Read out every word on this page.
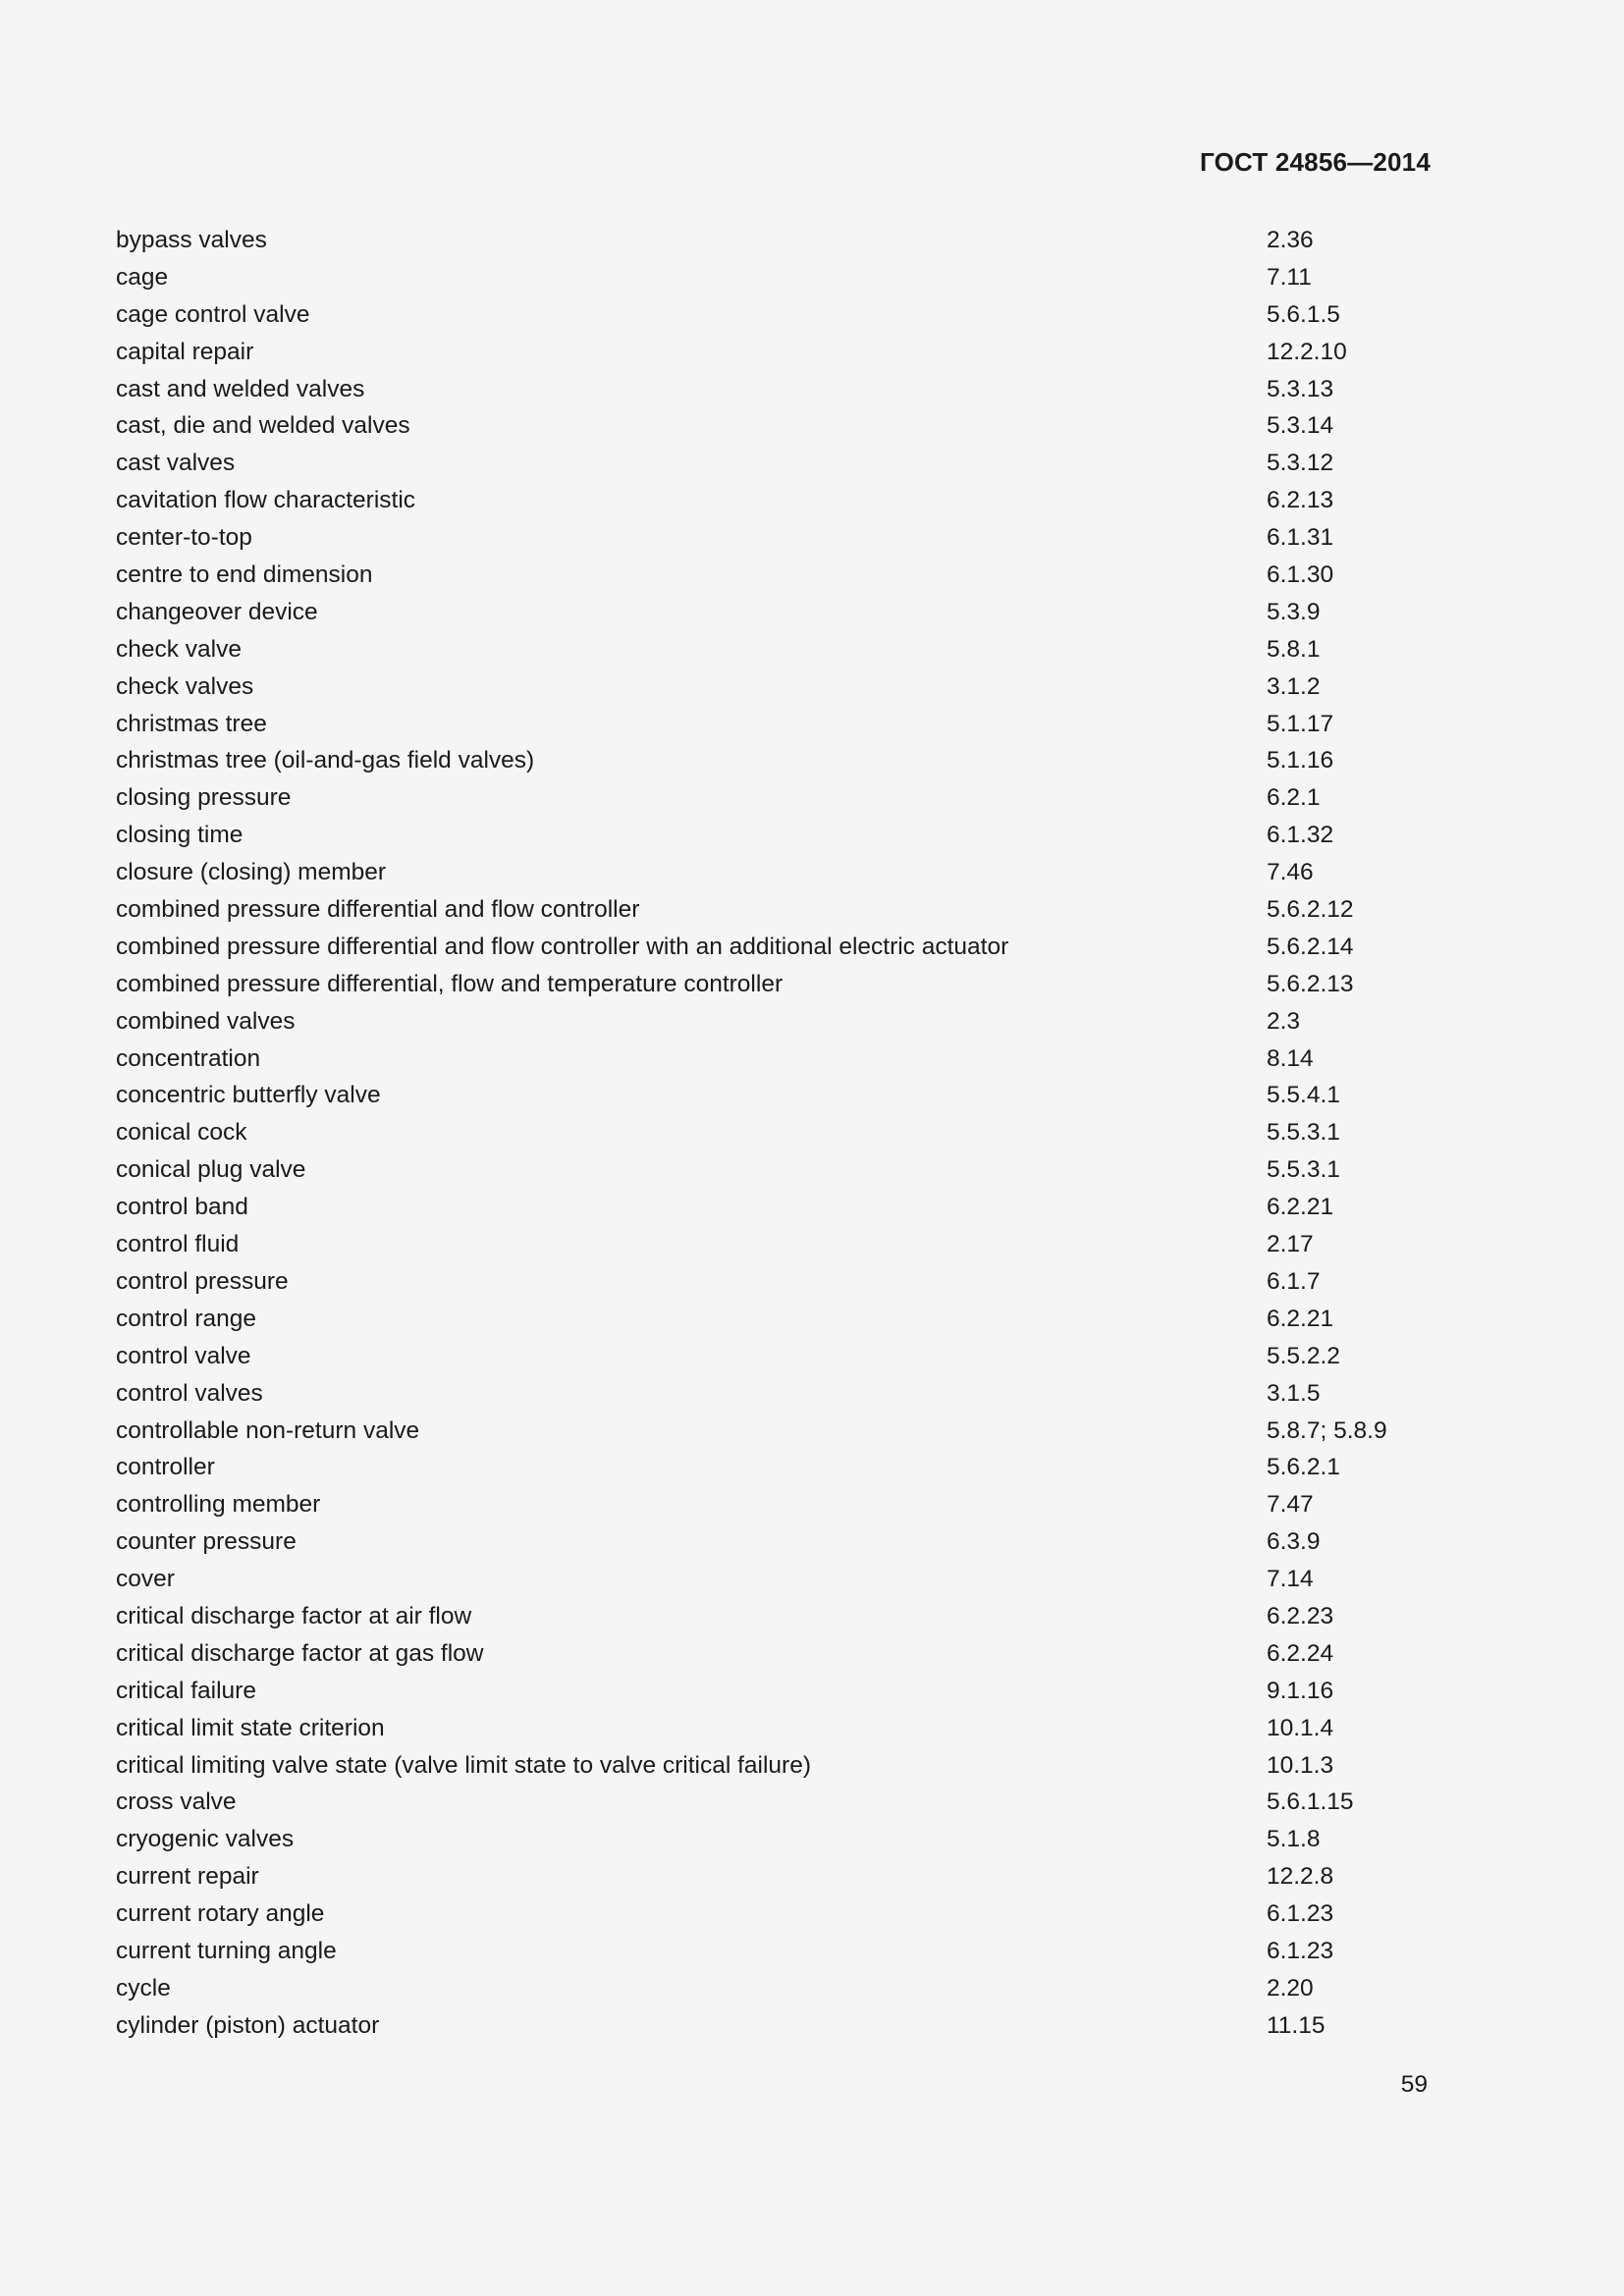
ГОСТ 24856—2014
bypass valves	2.36
cage	7.11
cage control valve	5.6.1.5
capital repair	12.2.10
cast and welded valves	5.3.13
cast, die and welded valves	5.3.14
cast valves	5.3.12
cavitation flow characteristic	6.2.13
center-to-top	6.1.31
centre to end dimension	6.1.30
changeover device	5.3.9
check valve	5.8.1
check valves	3.1.2
christmas tree	5.1.17
christmas tree (oil-and-gas field valves)	5.1.16
closing pressure	6.2.1
closing time	6.1.32
closure (closing) member	7.46
combined pressure differential and flow controller	5.6.2.12
combined pressure differential and flow controller with an additional electric actuator	5.6.2.14
combined pressure differential, flow and temperature controller	5.6.2.13
combined valves	2.3
concentration	8.14
concentric butterfly valve	5.5.4.1
conical cock	5.5.3.1
conical plug valve	5.5.3.1
control band	6.2.21
control fluid	2.17
control pressure	6.1.7
control range	6.2.21
control valve	5.5.2.2
control valves	3.1.5
controllable non-return valve	5.8.7; 5.8.9
controller	5.6.2.1
controlling member	7.47
counter pressure	6.3.9
cover	7.14
critical discharge factor at air flow	6.2.23
critical discharge factor at gas flow	6.2.24
critical failure	9.1.16
critical limit state criterion	10.1.4
critical limiting valve state (valve limit state to valve critical failure)	10.1.3
cross valve	5.6.1.15
cryogenic valves	5.1.8
current repair	12.2.8
current rotary angle	6.1.23
current turning angle	6.1.23
cycle	2.20
cylinder (piston) actuator	11.15
59
